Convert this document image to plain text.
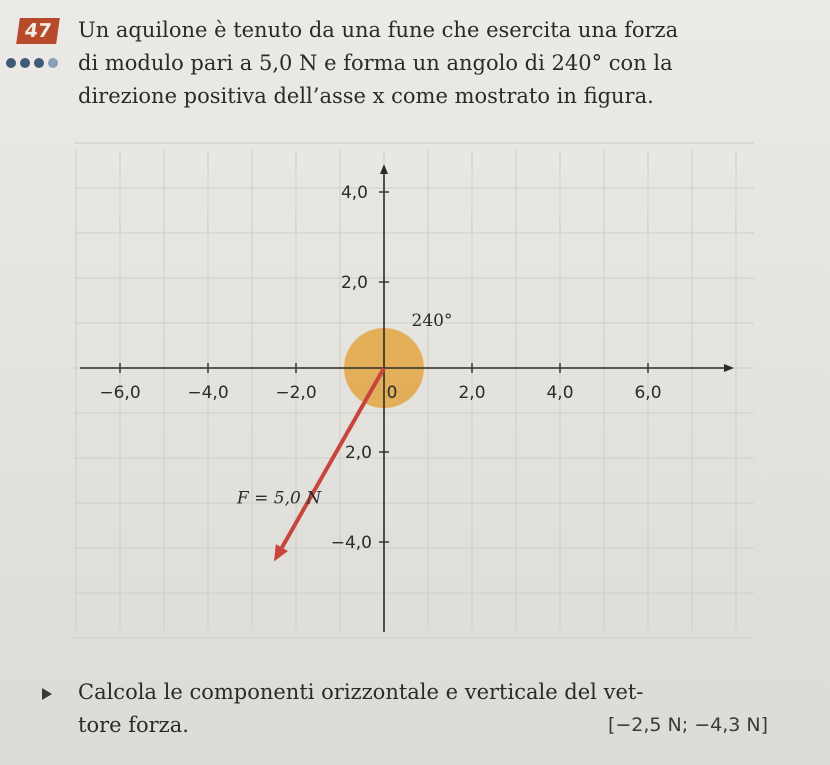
47	Un aquilone è tenuto da una fune che esercita una forza
di modulo pari a 5,0 N e forma un angolo di 240° con la
direzione positiva dell’asse x come mostrato in figura.

−6,0	−4,0	−2,0	0	2,0	4,0	6,0
4,0
2,0
2,0
−4,0
240°
F = 5,0 N
Calcola le componenti orizzontale e verticale del vet-
tore forza.	[−2,5 N; −4,3 N]
